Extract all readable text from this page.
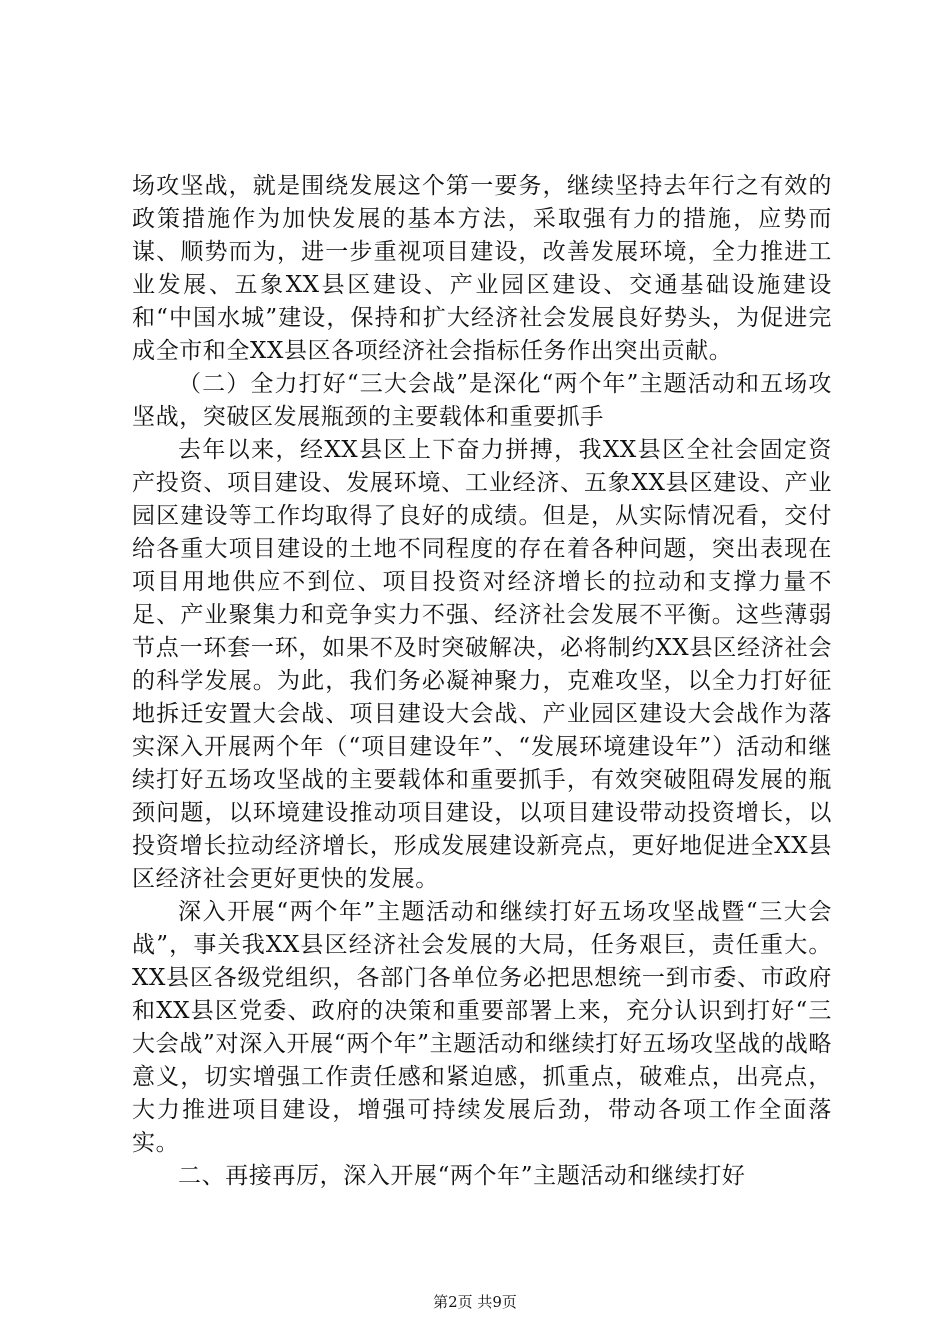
场攻坚战，就是围绕发展这个第一要务，继续坚持去年行之有效的政策措施作为加快发展的基本方法，采取强有力的措施，应势而谋、顺势而为，进一步重视项目建设，改善发展环境，全力推进工业发展、五象XX县区建设、产业园区建设、交通基础设施建设和“中国水城”建设，保持和扩大经济社会发展良好势头，为促进完成全市和全XX县区各项经济社会指标任务作出突出贡献。

（二）全力打好“三大会战”是深化“两个年”主题活动和五场攻坚战，突破区发展瓶颈的主要载体和重要抓手

去年以来，经XX县区上下奋力拼搏，我XX县区全社会固定资产投资、项目建设、发展环境、工业经济、五象XX县区建设、产业园区建设等工作均取得了良好的成绩。但是，从实际情况看，交付给各重大项目建设的土地不同程度的存在着各种问题，突出表现在项目用地供应不到位、项目投资对经济增长的拉动和支撑力量不足、产业聚集力和竞争实力不强、经济社会发展不平衡。这些薄弱节点一环套一环，如果不及时突破解决，必将制约XX县区经济社会的科学发展。为此，我们务必凝神聚力，克难攻坚，以全力打好征地拆迁安置大会战、项目建设大会战、产业园区建设大会战作为落实深入开展两个年（“项目建设年”、“发展环境建设年”）活动和继续打好五场攻坚战的主要载体和重要抓手，有效突破阻碍发展的瓶颈问题，以环境建设推动项目建设，以项目建设带动投资增长，以投资增长拉动经济增长，形成发展建设新亮点，更好地促进全XX县区经济社会更好更快的发展。

深入开展“两个年”主题活动和继续打好五场攻坚战暨“三大会战”，事关我XX县区经济社会发展的大局，任务艰巨，责任重大。XX县区各级党组织，各部门各单位务必把思想统一到市委、市政府和XX县区党委、政府的决策和重要部署上来，充分认识到打好“三大会战”对深入开展“两个年”主题活动和继续打好五场攻坚战的战略意义，切实增强工作责任感和紧迫感，抓重点，破难点，出亮点，大力推进项目建设，增强可持续发展后劲，带动各项工作全面落实。

二、再接再厉，深入开展“两个年”主题活动和继续打好

第2页 共9页
